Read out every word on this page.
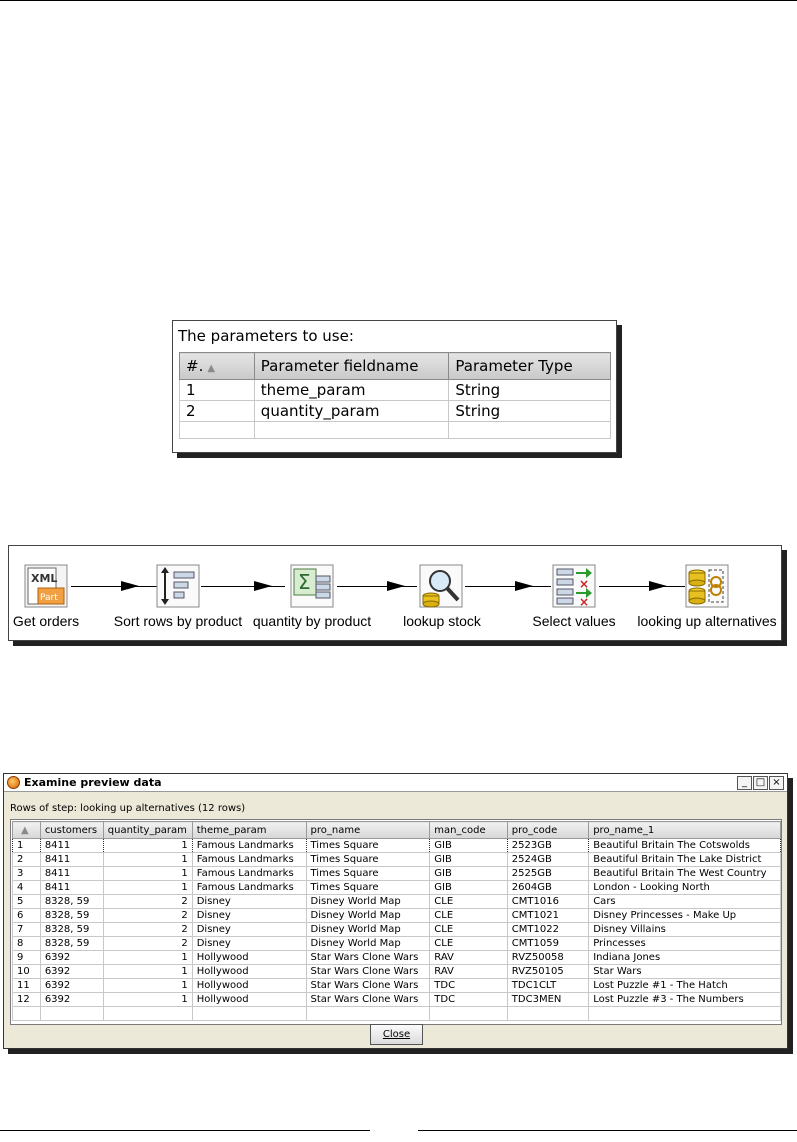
The parameters to use:
#. ▲	Parameter fieldname	Parameter Type
1	theme_param	String
2	quantity_param	String

XML
Part
Get orders Sort rows by product
Σ
quantity by product lookup stock
×
×
Select values looking up alternatives
Examine preview data	_ □ ×
Rows of step: looking up alternatives (12 rows)
▲	customers	quantity_param	theme_param	pro_name	man_code	pro_code	pro_name_1
1	8411	1	Famous Landmarks	Times Square	GIB	2523GB	Beautiful Britain The Cotswolds
2	8411	1	Famous Landmarks	Times Square	GIB	2524GB	Beautiful Britain The Lake District
3	8411	1	Famous Landmarks	Times Square	GIB	2525GB	Beautiful Britain The West Country
4	8411	1	Famous Landmarks	Times Square	GIB	2604GB	London - Looking North
5	8328, 59	2	Disney	Disney World Map	CLE	CMT1016	Cars
6	8328, 59	2	Disney	Disney World Map	CLE	CMT1021	Disney Princesses - Make Up
7	8328, 59	2	Disney	Disney World Map	CLE	CMT1022	Disney Villains
8	8328, 59	2	Disney	Disney World Map	CLE	CMT1059	Princesses
9	6392	1	Hollywood	Star Wars Clone Wars	RAV	RVZ50058	Indiana Jones
10	6392	1	Hollywood	Star Wars Clone Wars	RAV	RVZ50105	Star Wars
11	6392	1	Hollywood	Star Wars Clone Wars	TDC	TDC1CLT	Lost Puzzle #1 - The Hatch
12	6392	1	Hollywood	Star Wars Clone Wars	TDC	TDC3MEN	Lost Puzzle #3 - The Numbers

Close
